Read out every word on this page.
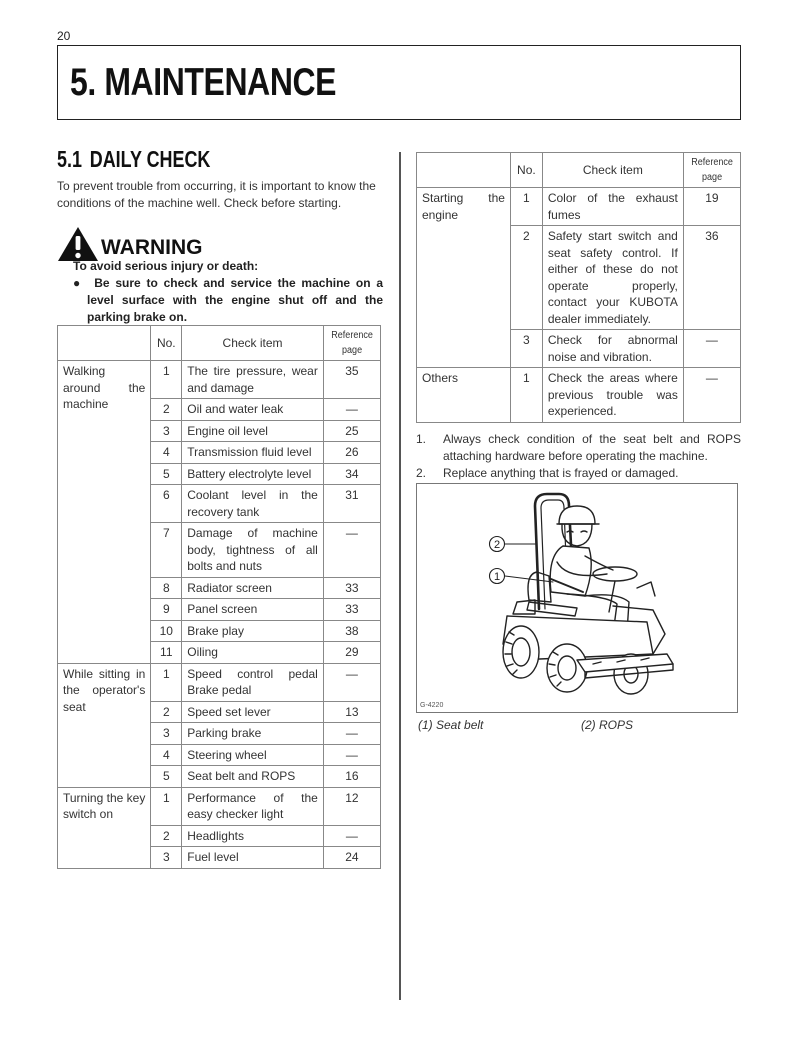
20
5. MAINTENANCE
5.1 DAILY CHECK

To prevent trouble from occurring, it is important to know the conditions of the machine well. Check before starting.

WARNING
To avoid serious injury or death:
●  Be sure to check and service the machine on a level surface with the engine shut off and the parking brake on.
	No.	Check item	Reference
page
Walking around the machine	1	The tire pressure, wear and damage	35
	2	Oil and water leak	—
	3	Engine oil level	25
	4	Transmission fluid level	26
	5	Battery electrolyte level	34
	6	Coolant level in the recovery tank	31
	7	Damage of machine body, tightness of all bolts and nuts	—
	8	Radiator screen	33
	9	Panel screen	33
	10	Brake play	38
	11	Oiling	29
While sitting in the operator's seat	1	Speed control pedal Brake pedal	—
	2	Speed set lever	13
	3	Parking brake	—
	4	Steering wheel	—
	5	Seat belt and ROPS	16
Turning the key switch on	1	Performance of the easy checker light	12
	2	Headlights	—
	3	Fuel level	24
	No.	Check item	Reference
page
Starting the engine	1	Color of the exhaust fumes	19
	2	Safety start switch and seat safety control. If either of these do not operate properly, contact your KUBOTA dealer immediately.	36
	3	Check for abnormal noise and vibration.	—
Others	1	Check the areas where previous trouble was experienced.	—
1.	Always check condition of the seat belt and ROPS attaching hardware before operating the machine.
2.	Replace anything that is frayed or damaged.
2
1
G-4220
(1) Seat belt	(2) ROPS
